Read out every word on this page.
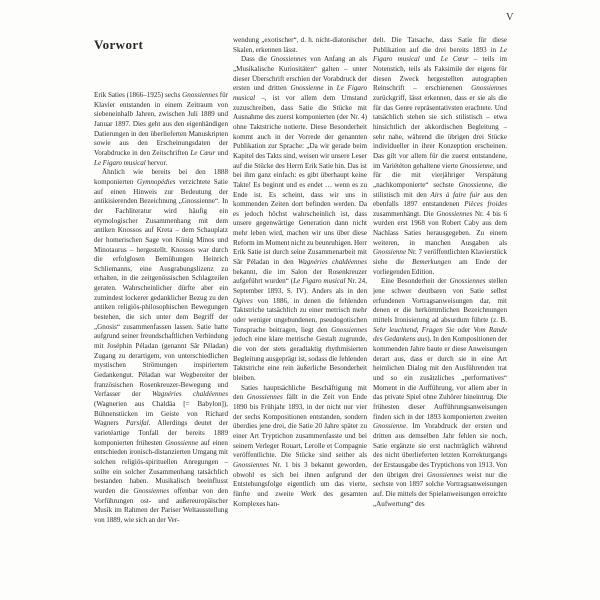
V
Vorwort

Erik Saties (1866–1925) sechs Gnossiennes für Klavier entstanden in einem Zeitraum von siebeneinhalb Jahren, zwischen Juli 1889 und Januar 1897. Dies geht aus den eigenhändigen Datierungen in den überlieferten Manuskripten sowie aus den Erscheinungsdaten der Vorabdrucke in den Zeitschriften Le Cœur und Le Figaro musical hervor.

Ähnlich wie bereits bei den 1888 komponierten Gymnopédies verzichtete Satie auf einen Hinweis zur Bedeutung der antikisierenden Bezeichnung „Gnossienne“. In der Fachliteratur wird häufig ein etymologischer Zusammenhang mit dem antiken Knossos auf Kreta – dem Schauplatz der homerischen Sage von König Minos und Minotaurus – hergestellt. Knossos war durch die erfolglosen Bemühungen Heinrich Schliemanns, eine Ausgrabungslizenz zu erhalten, in die zeitgenössischen Schlagzeilen geraten. Wahrscheinlicher dürfte aber ein zumindest lockerer gedanklicher Bezug zu den antiken religiös-philosophischen Bewegungen bestehen, die sich unter dem Begriff der „Gnosis“ zusammenfassen lassen. Satie hatte aufgrund seiner freundschaftlichen Verbindung mit Joséphin Péladan (genannt Sâr Péladan) Zugang zu derartigem, von unterschiedlichen mystischen Strömungen inspiriertem Gedankengut. Péladan war Wegbereiter der französischen Rosenkreuzer-Bewegung und Verfasser der Wagnéries chaldéennes (Wagnerien aus Chaldäa [= Babylon]), Bühnenstücken im Geiste von Richard Wagners Parsifal. Allerdings deutet der varietéartige Tonfall der bereits 1889 komponierten frühesten Gnossienne auf einen entschieden ironisch-distanzierten Umgang mit solchen religiös-spirituellen Anregungen – sollte ein solcher Zusammenhang tatsächlich bestanden haben. Musikalisch beeinflusst wurden die Gnossiennes offenbar von den Vorführungen ost- und außereuropäischer Musik im Rahmen der Pariser Weltausstellung von 1889, wie sich an der Ver-

wendung „exotischer“, d. h. nicht-diatonischer Skalen, erkennen lässt.

Dass die Gnossiennes von Anfang an als „Musikalische Kuriositäten“ galten – unter dieser Überschrift erschien der Vorabdruck der ersten und dritten Gnossienne in Le Figaro musical –, ist vor allem dem Umstand zuzuschreiben, dass Satie die Stücke mit Ausnahme des zuerst komponierten (der Nr. 4) ohne Taktstriche notierte. Diese Besonderheit kommt auch in der Vorrede der genannten Publikation zur Sprache: „Da wir gerade beim Kapitel des Takts sind, weisen wir unsere Leser auf die Stücke des Herrn Erik Satie hin. Das ist bei ihm ganz einfach: es gibt überhaupt keine Takte! Es beginnt und es endet … wenn es zu Ende ist. Es scheint, dass wir uns in kommenden Zeiten dort befinden werden. Da es jedoch höchst wahrscheinlich ist, dass unsere gegenwärtige Generation dann nicht mehr leben wird, machen wir uns über diese Reform im Moment nicht zu beunruhigen. Herr Erik Satie ist durch seine Zusammenarbeit mit Sâr Péladan in den Wagnéries chaldéennes bekannt, die im Salon der Rosenkreuzer aufgeführt wurden“ (Le Figaro musical Nr. 24, September 1893, S. IV). Anders als in den Ogives von 1886, in denen die fehlenden Taktstriche tatsächlich zu einer metrisch mehr oder weniger ungebundenen, pseudogotischen Tonsprache beitragen, liegt den Gnossiennes jedoch eine klare metrische Gestalt zugrunde, die von der stets geradtaktig rhythmisierten Begleitung ausgeprägt ist, sodass die fehlenden Taktstriche eine rein äußerliche Besonderheit bleiben.

Saties hauptsächliche Beschäftigung mit den Gnossiennes fällt in die Zeit von Ende 1890 bis Frühjahr 1893, in der nicht nur vier der sechs Kompositionen entstanden, sondern überdies jene drei, die Satie 20 Jahre später zu einer Art Tryptichon zusammenfasste und bei seinem Verleger Rouart, Lerolle et Compagnie veröffentlichte. Die Stücke sind seither als Gnossiennes Nr. 1 bis 3 bekannt geworden, obwohl es sich bei ihnen aufgrund der Entstehungsfolge eigentlich um das vierte, fünfte und zweite Werk des gesamten Komplexes han-

delt. Die Tatsache, dass Satie für diese Publikation auf die drei bereits 1893 in Le Figaro musical und Le Cœur – teils im Notenstich, teils als Faksimile der eigens für diesen Zweck hergestellten autographen Reinschrift – erschienenen Gnossiennes zurückgriff, lässt erkennen, dass er sie als die für das Genre repräsentativsten erachtete. Und tatsächlich stehen sie sich stilistisch – etwa hinsichtlich der akkordischen Begleitung – sehr nahe, während die übrigen drei Stücke individueller in ihrer Konzeption erscheinen. Das gilt vor allem für die zuerst entstandene, im Variététon gehaltene vierte Gnossienne, und für die mit vierjähriger Verspätung „nachkomponierte“ sechste Gnossienne, die stilistisch mit den Airs à faire fuir aus den ebenfalls 1897 entstandenen Pièces froides zusammenhängt. Die Gnossiennes Nr. 4 bis 6 wurden erst 1968 von Robert Caby aus dem Nachlass Saties herausgegeben. Zu einem weiteren, in manchen Ausgaben als Gnossienne Nr. 7 veröffentlichten Klavierstück siehe die Bemerkungen am Ende der vorliegenden Edition.

Eine Besonderheit der Gnossiennes stellen jene schwer deutbaren von Satie selbst erfundenen Vortragsanweisungen dar, mit denen er die herkömmlichen Bezeichnungen mittels Ironisierung ad absurdum führte (z. B. Sehr leuchtend, Fragen Sie oder Vom Rande des Gedankens aus). In den Kompositionen der kommenden Jahre baute er diese Anweisungen derart aus, dass er durch sie in eine Art heimlichen Dialog mit den Ausführenden trat und so ein zusätzliches „performatives“ Moment in die Aufführung, vor allem aber in das private Spiel ohne Zuhörer hineintrug. Die frühesten dieser Aufführungsanweisungen finden sich in der 1893 komponierten zweiten Gnossienne. Im Vorabdruck der ersten und dritten aus demselben Jahr fehlen sie noch, Satie ergänzte sie erst nachträglich während des nicht überlieferten letzten Korrekturgangs der Erstausgabe des Tryptichons von 1913. Von den übrigen drei Gnossiennes weist nur die sechste von 1897 solche Vortragsanweisungen auf. Die mittels der Spielanweisungen erreichte „Aufwertung“ des
